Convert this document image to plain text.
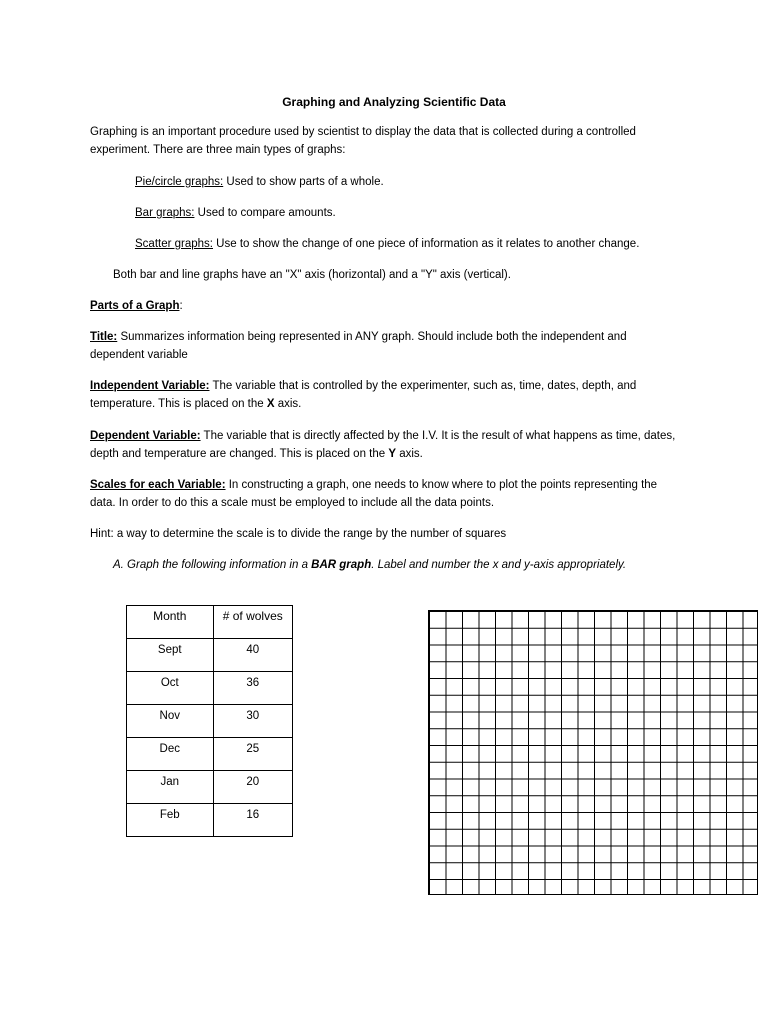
Graphing and Analyzing Scientific Data
Graphing is an important procedure used by scientist to display the data that is collected during a controlled experiment. There are three main types of graphs:
Pie/circle graphs: Used to show parts of a whole.
Bar graphs: Used to compare amounts.
Scatter graphs: Use to show the change of one piece of information as it relates to another change.
Both bar and line graphs have an "X" axis (horizontal) and a "Y" axis (vertical).
Parts of a Graph:
Title: Summarizes information being represented in ANY graph. Should include both the independent and dependent variable
Independent Variable: The variable that is controlled by the experimenter, such as, time, dates, depth, and temperature. This is placed on the X axis.
Dependent Variable: The variable that is directly affected by the I.V. It is the result of what happens as time, dates, depth and temperature are changed. This is placed on the Y axis.
Scales for each Variable: In constructing a graph, one needs to know where to plot the points representing the data. In order to do this a scale must be employed to include all the data points.
Hint: a way to determine the scale is to divide the range by the number of squares
A. Graph the following information in a BAR graph. Label and number the x and y-axis appropriately.
Month	# of wolves
Sept	40
Oct	36
Nov	30
Dec	25
Jan	20
Feb	16
